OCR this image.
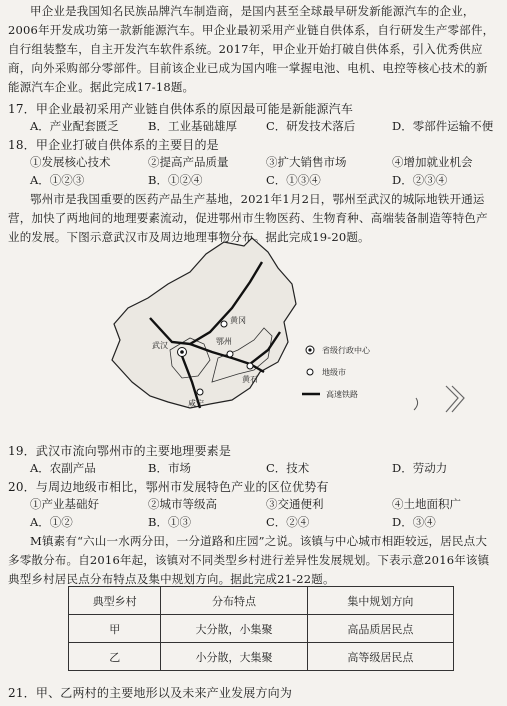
甲企业是我国知名民族品牌汽车制造商，是国内甚至全球最早研发新能源汽车的企业，2006年开发成功第一款新能源汽车。甲企业最初采用产业链自供体系，自行研发生产零部件，自行组装整车，自主开发汽车软件系统。2017年，甲企业开始打破自供体系，引入优秀供应商，向外采购部分零部件。目前该企业已成为国内唯一掌握电池、电机、电控等核心技术的新能源汽车企业。据此完成17-18题。
17．甲企业最初采用产业链自供体系的原因最可能是新能源汽车
A．产业配套匮乏	B．工业基础雄厚	C．研发技术落后	D．零部件运输不便
18．甲企业打破自供体系的主要目的是
①发展核心技术	②提高产品质量	③扩大销售市场	④增加就业机会
A．①②③	B．①②④	C．①③④	D．②③④
鄂州市是我国重要的医药产品生产基地，2021年1月2日，鄂州至武汉的城际地铁开通运营，加快了两地间的地理要素流动，促进鄂州市生物医药、生物育种、高端装备制造等特色产业的发展。下图示意武汉市及周边地理事物分布。据此完成19-20题。
武汉
黄冈
鄂州
黄石
咸宁
省级行政中心
地级市
高速铁路
19．武汉市流向鄂州市的主要地理要素是
A．农副产品	B．市场	C．技术	D．劳动力
20．与周边地级市相比，鄂州市发展特色产业的区位优势有
①产业基础好	②城市等级高	③交通便利	④土地面积广
A．①②	B．①③	C．②④	D．③④
M镇素有“六山一水两分田，一分道路和庄园”之说。该镇与中心城市相距较远，居民点大多零散分布。自2016年起，该镇对不同类型乡村进行差异性发展规划。下表示意2016年该镇典型乡村居民点分布特点及集中规划方向。据此完成21-22题。
典型乡村	分布特点	集中规划方向
甲	大分散，小集聚	高品质居民点
乙	小分散，大集聚	高等级居民点
21．甲、乙两村的主要地形以及未来产业发展方向为
